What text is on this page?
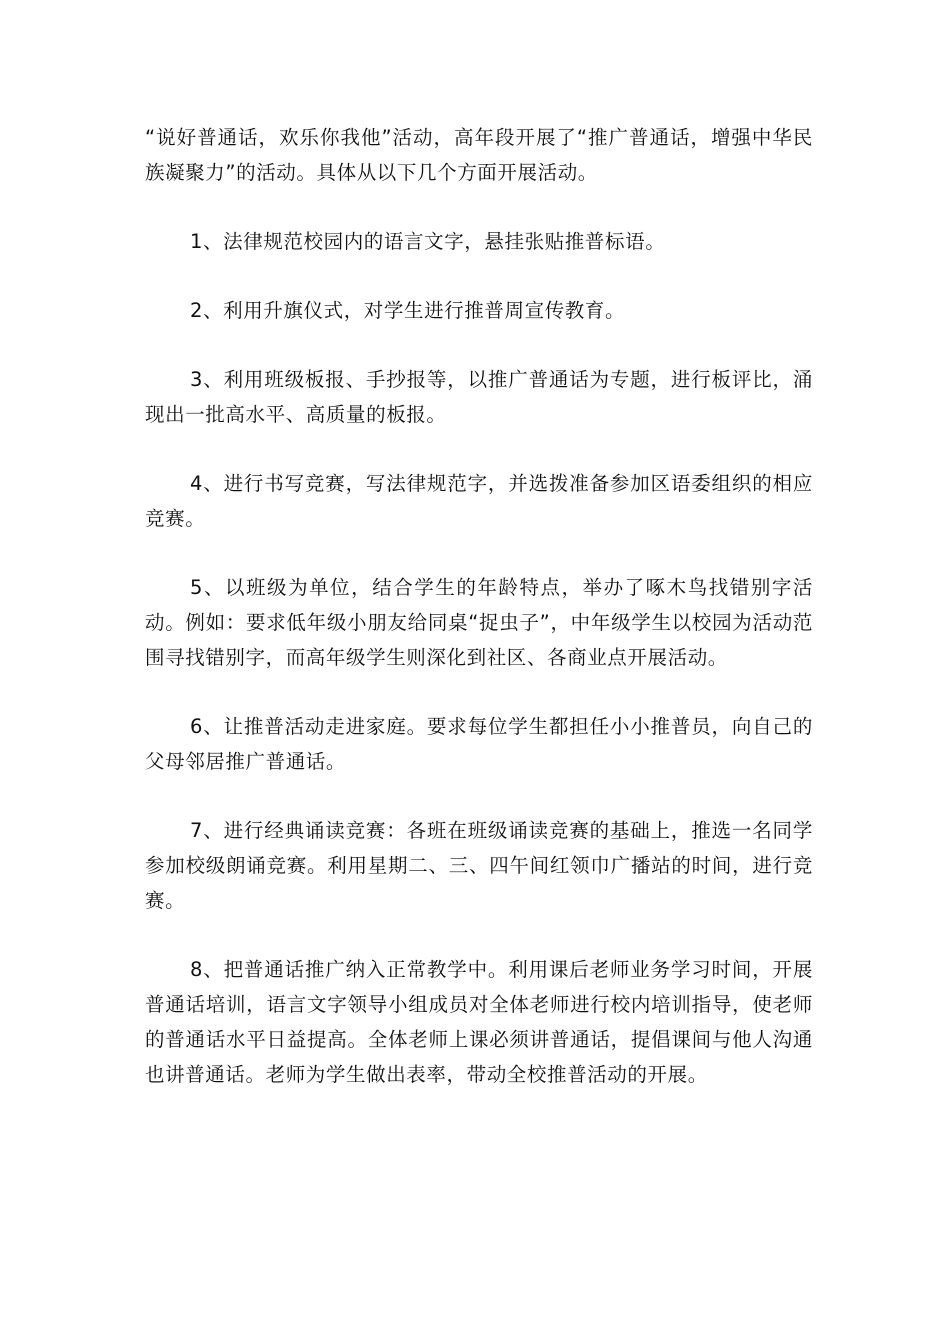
“说好普通话，欢乐你我他”活动，高年段开展了“推广普通话，增强中华民族凝聚力”的活动。具体从以下几个方面开展活动。

1、法律规范校园内的语言文字，悬挂张贴推普标语。

2、利用升旗仪式，对学生进行推普周宣传教育。

3、利用班级板报、手抄报等，以推广普通话为专题，进行板评比，涌现出一批高水平、高质量的板报。

4、进行书写竞赛，写法律规范字，并选拨准备参加区语委组织的相应竞赛。

5、以班级为单位，结合学生的年龄特点，举办了啄木鸟找错别字活动。例如：要求低年级小朋友给同桌“捉虫子”，中年级学生以校园为活动范围寻找错别字，而高年级学生则深化到社区、各商业点开展活动。

6、让推普活动走进家庭。要求每位学生都担任小小推普员，向自己的父母邻居推广普通话。

7、进行经典诵读竞赛：各班在班级诵读竞赛的基础上，推选一名同学参加校级朗诵竞赛。利用星期二、三、四午间红领巾广播站的时间，进行竞赛。

8、把普通话推广纳入正常教学中。利用课后老师业务学习时间，开展普通话培训，语言文字领导小组成员对全体老师进行校内培训指导，使老师的普通话水平日益提高。全体老师上课必须讲普通话，提倡课间与他人沟通也讲普通话。老师为学生做出表率，带动全校推普活动的开展。
